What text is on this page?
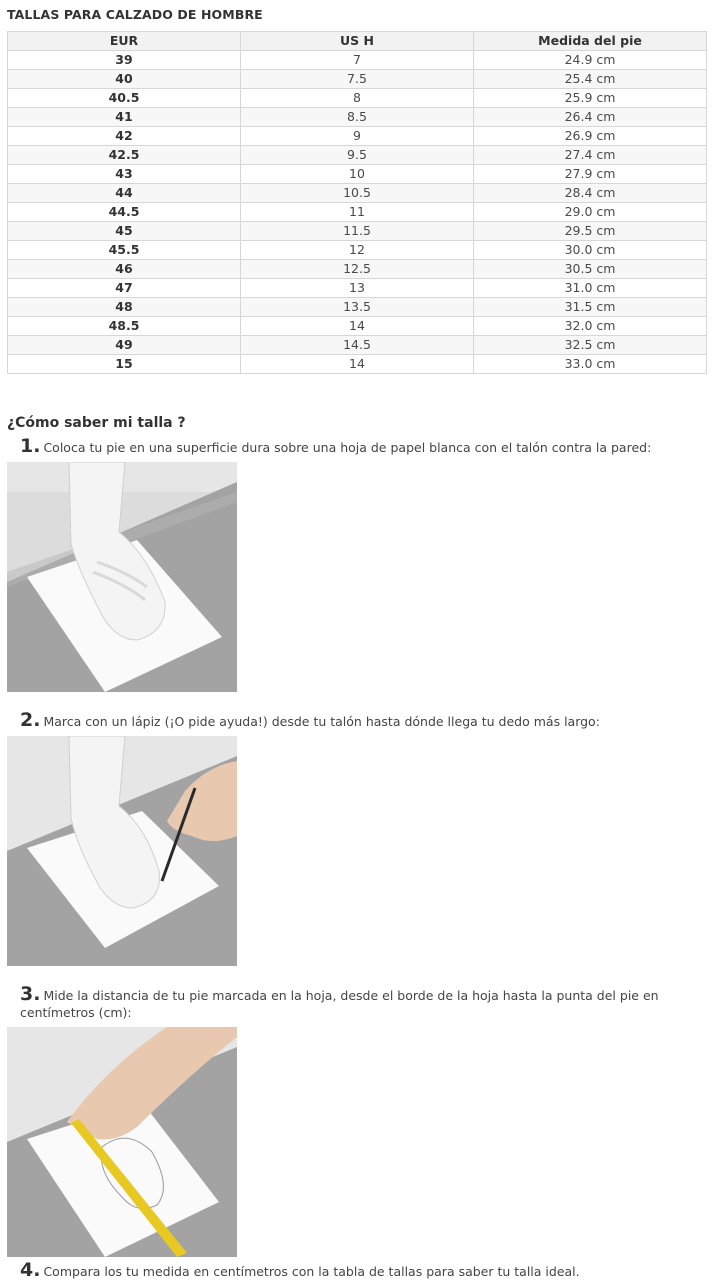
TALLAS PARA CALZADO DE HOMBRE
EUR	US H	Medida del pie
39	7	24.9 cm
40	7.5	25.4 cm
40.5	8	25.9 cm
41	8.5	26.4 cm
42	9	26.9 cm
42.5	9.5	27.4 cm
43	10	27.9 cm
44	10.5	28.4 cm
44.5	11	29.0 cm
45	11.5	29.5 cm
45.5	12	30.0 cm
46	12.5	30.5 cm
47	13	31.0 cm
48	13.5	31.5 cm
48.5	14	32.0 cm
49	14.5	32.5 cm
15	14	33.0 cm
¿Cómo saber mi talla ?
1. Coloca tu pie en una superficie dura sobre una hoja de papel blanca con el talón contra la pared:
2. Marca con un lápiz (¡O pide ayuda!) desde tu talón hasta dónde llega tu dedo más largo:
3. Mide la distancia de tu pie marcada en la hoja, desde el borde de la hoja hasta la punta del pie en centímetros (cm):
4. Compara los tu medida en centímetros con la tabla de tallas para saber tu talla ideal.
